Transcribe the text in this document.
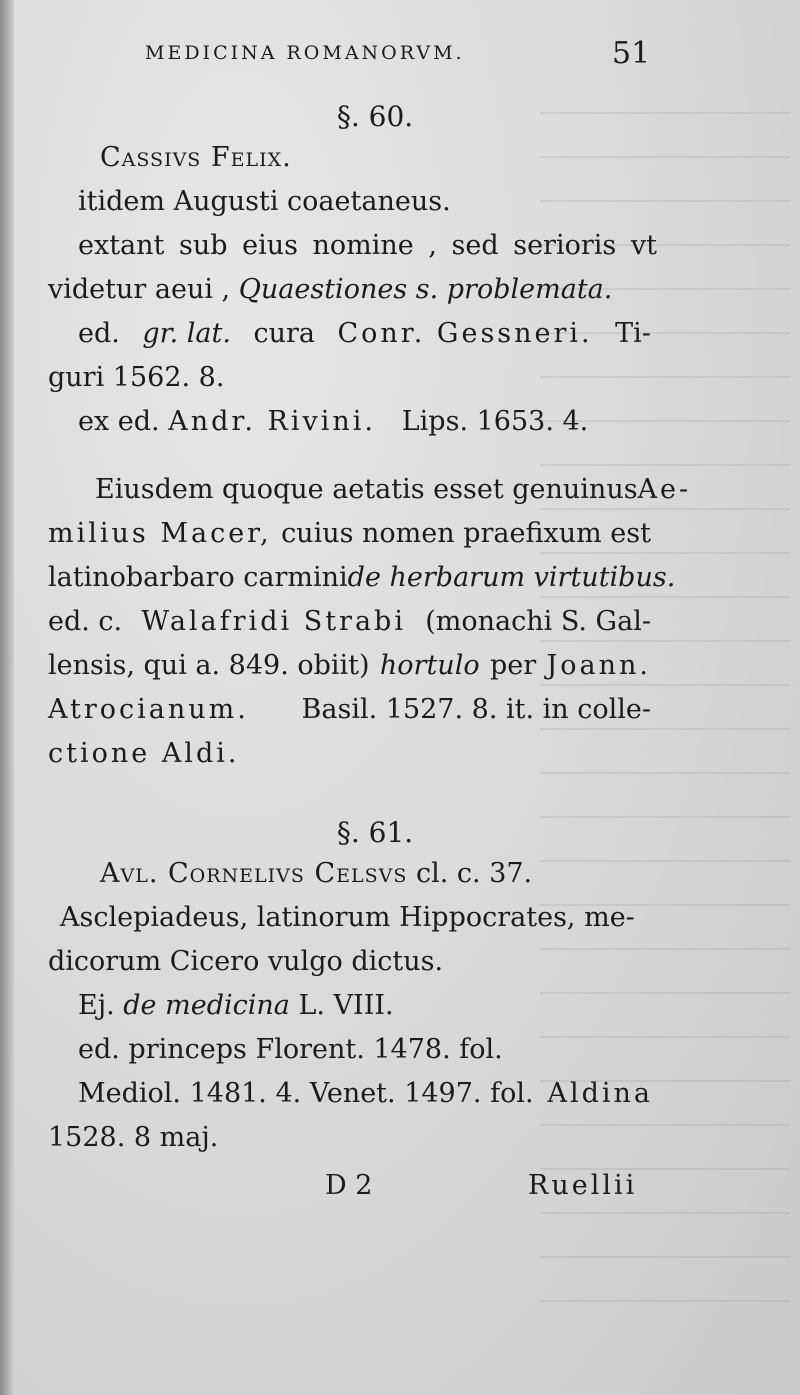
MEDICINA ROMANORVM.	51
§. 60.
Cassivs Felix.
itidem Augusti coaetaneus.
extant sub eius nomine , sed serioris vt
videtur aeui , Quaestiones s. problemata.
ed. gr. lat. cura Conr. Gessneri. Ti-
guri 1562. 8.
ex ed. Andr. Rivini. Lips. 1653. 4.
Eiusdem quoque aetatis esset genuinus Ae-
milius Macer, cuius nomen praefixum est
latinobarbaro carmini de herbarum virtutibus.
ed. c. Walafridi Strabi (monachi S. Gal-
lensis, qui a. 849. obiit) hortulo per Joann.
Atrocianum. Basil. 1527. 8. it. in colle-
ctione Aldi.
§. 61.
Avl. Cornelivs Celsvs cl. c. 37.
Asclepiadeus, latinorum Hippocrates, me-
dicorum Cicero vulgo dictus.
Ej. de medicina L. VIII.
ed. princeps Florent. 1478. fol.
Mediol. 1481. 4. Venet. 1497. fol. Aldina
1528. 8 maj.
D 2	Ruellii
